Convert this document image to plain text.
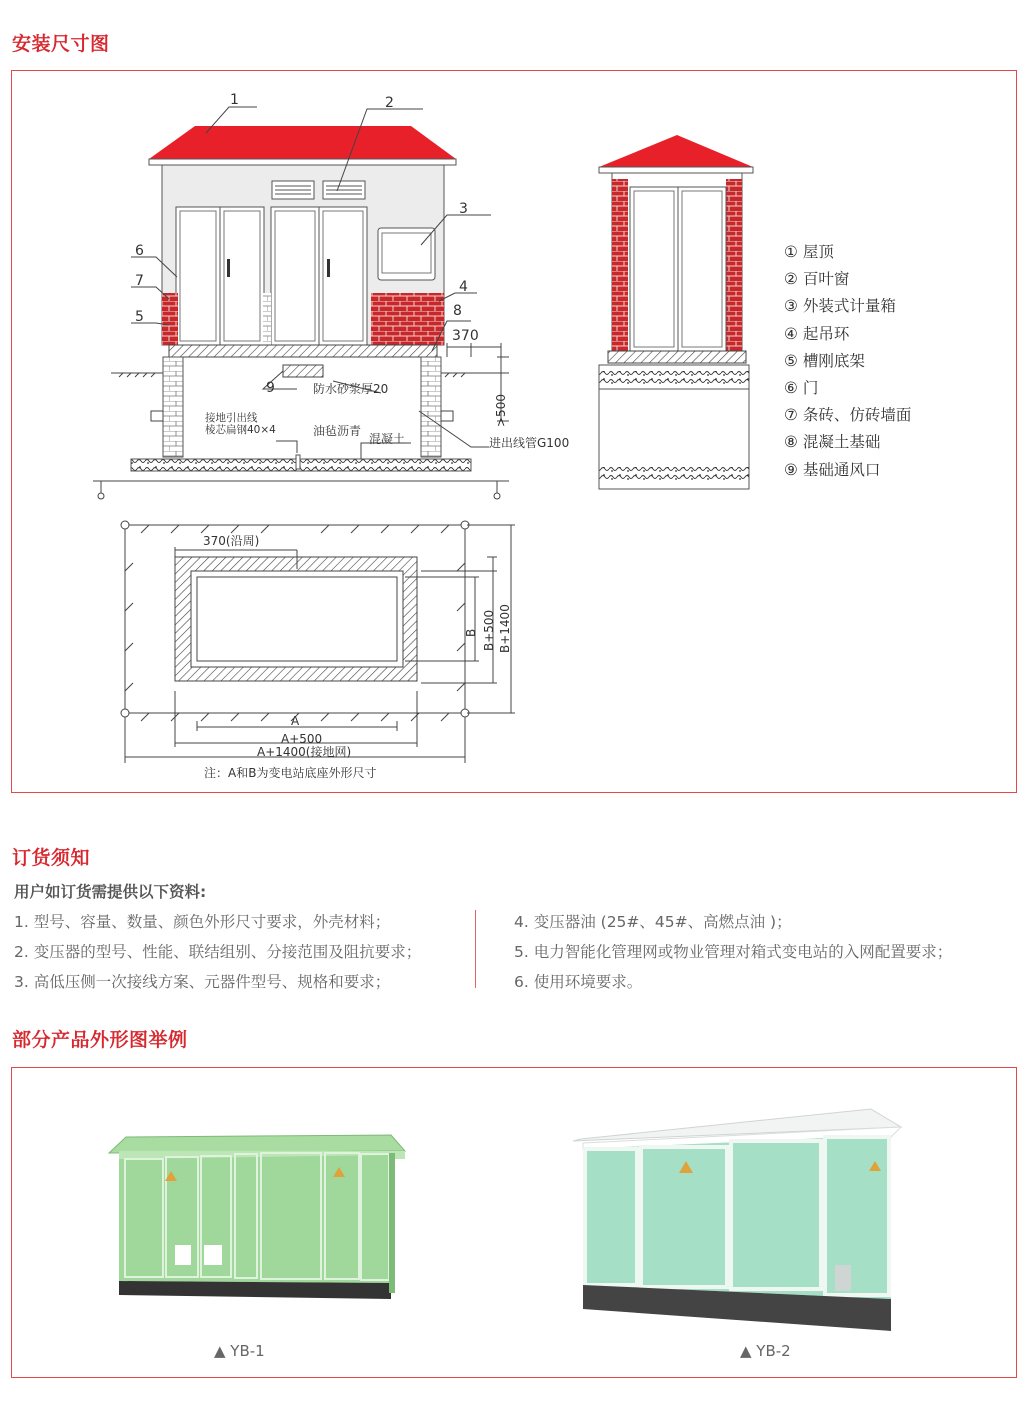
安装尺寸图
1	2
3
4
5
6
7
8
9
370
>500
防水砂浆厚20
混凝土
油毡沥青
进出线管G100
接地引出线
棱芯扁钢40×4
370(沿周)
A
A+500
A+1400(接地网)
注：A和B为变电站底座外形尺寸
B B+500 B+1400
① 屋顶
② 百叶窗
③ 外装式计量箱
④ 起吊环
⑤ 槽刚底架
⑥ 门
⑦ 条砖、仿砖墙面
⑧ 混凝土基础
⑨ 基础通风口
订货须知
用户如订货需提供以下资料:
1. 型号、容量、数量、颜色外形尺寸要求，外壳材料；
2. 变压器的型号、性能、联结组别、分接范围及阻抗要求；
3. 高低压侧一次接线方案、元器件型号、规格和要求；
4. 变压器油 (25#、45#、高燃点油 )；
5. 电力智能化管理网或物业管理对箱式变电站的入网配置要求；
6. 使用环境要求。
部分产品外形图举例
▲ YB-1	▲ YB-2
